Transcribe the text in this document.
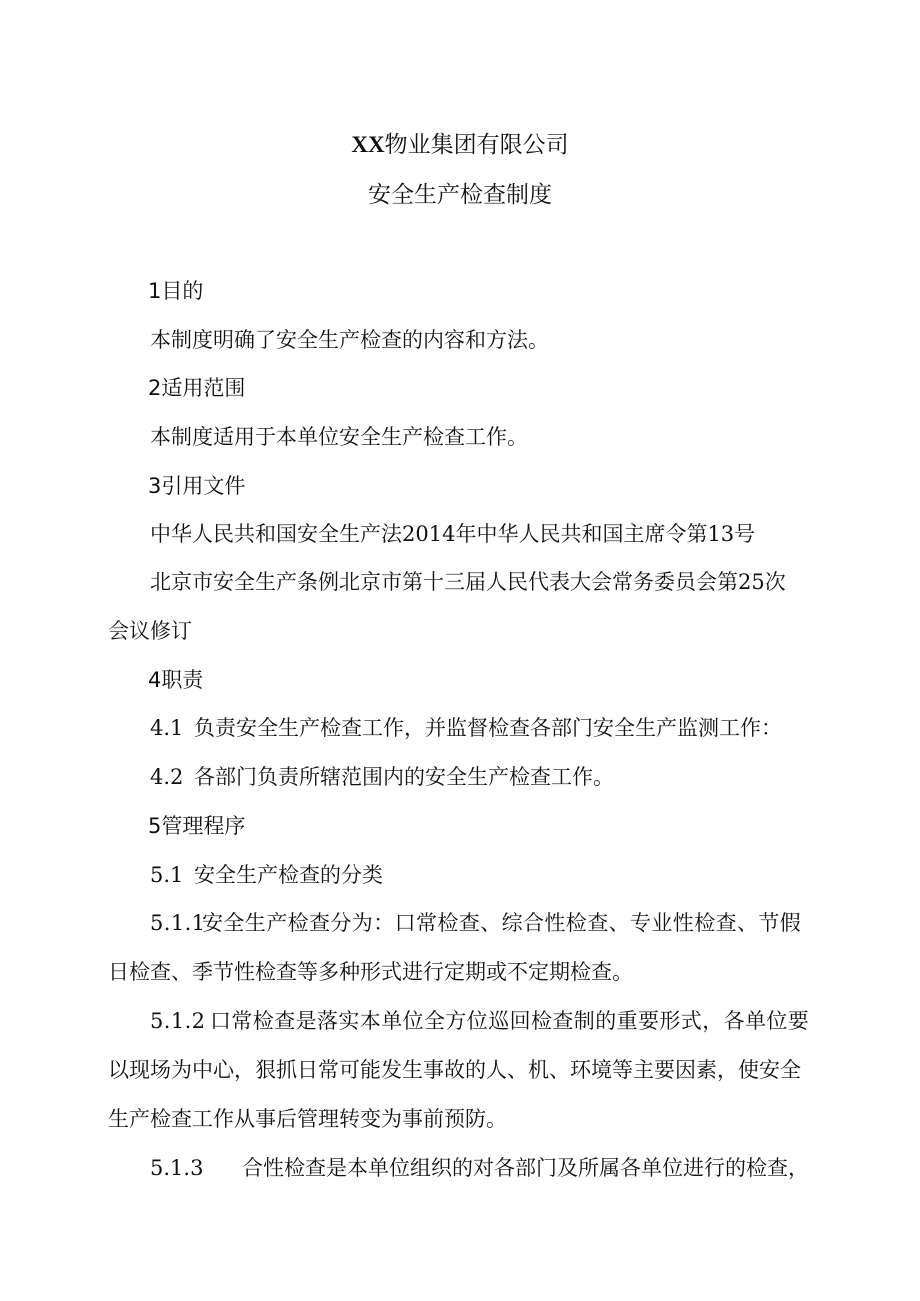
XX物业集团有限公司
安全生产检查制度
1目的
本制度明确了安全生产检查的内容和方法。
2适用范围
本制度适用于本单位安全生产检查工作。
3引用文件
中华人民共和国安全生产法2014年中华人民共和国主席令第13号
北京市安全生产条例北京市第十三届人民代表大会常务委员会第25次
会议修订
4职责
4.1 负责安全生产检查工作，并监督检查各部门安全生产监测工作：
4.2 各部门负责所辖范围内的安全生产检查工作。
5管理程序
5.1 安全生产检查的分类
5.1.1安全生产检查分为：口常检查、综合性检查、专业性检查、节假
日检查、季节性检查等多种形式进行定期或不定期检查。
5.1.2 口常检查是落实本单位全方位巡回检查制的重要形式，各单位要
以现场为中心，狠抓日常可能发生事故的人、机、环境等主要因素，使安全
生产检查工作从事后管理转变为事前预防。
5.1.3 合性检查是本单位组织的对各部门及所属各单位进行的检查，
